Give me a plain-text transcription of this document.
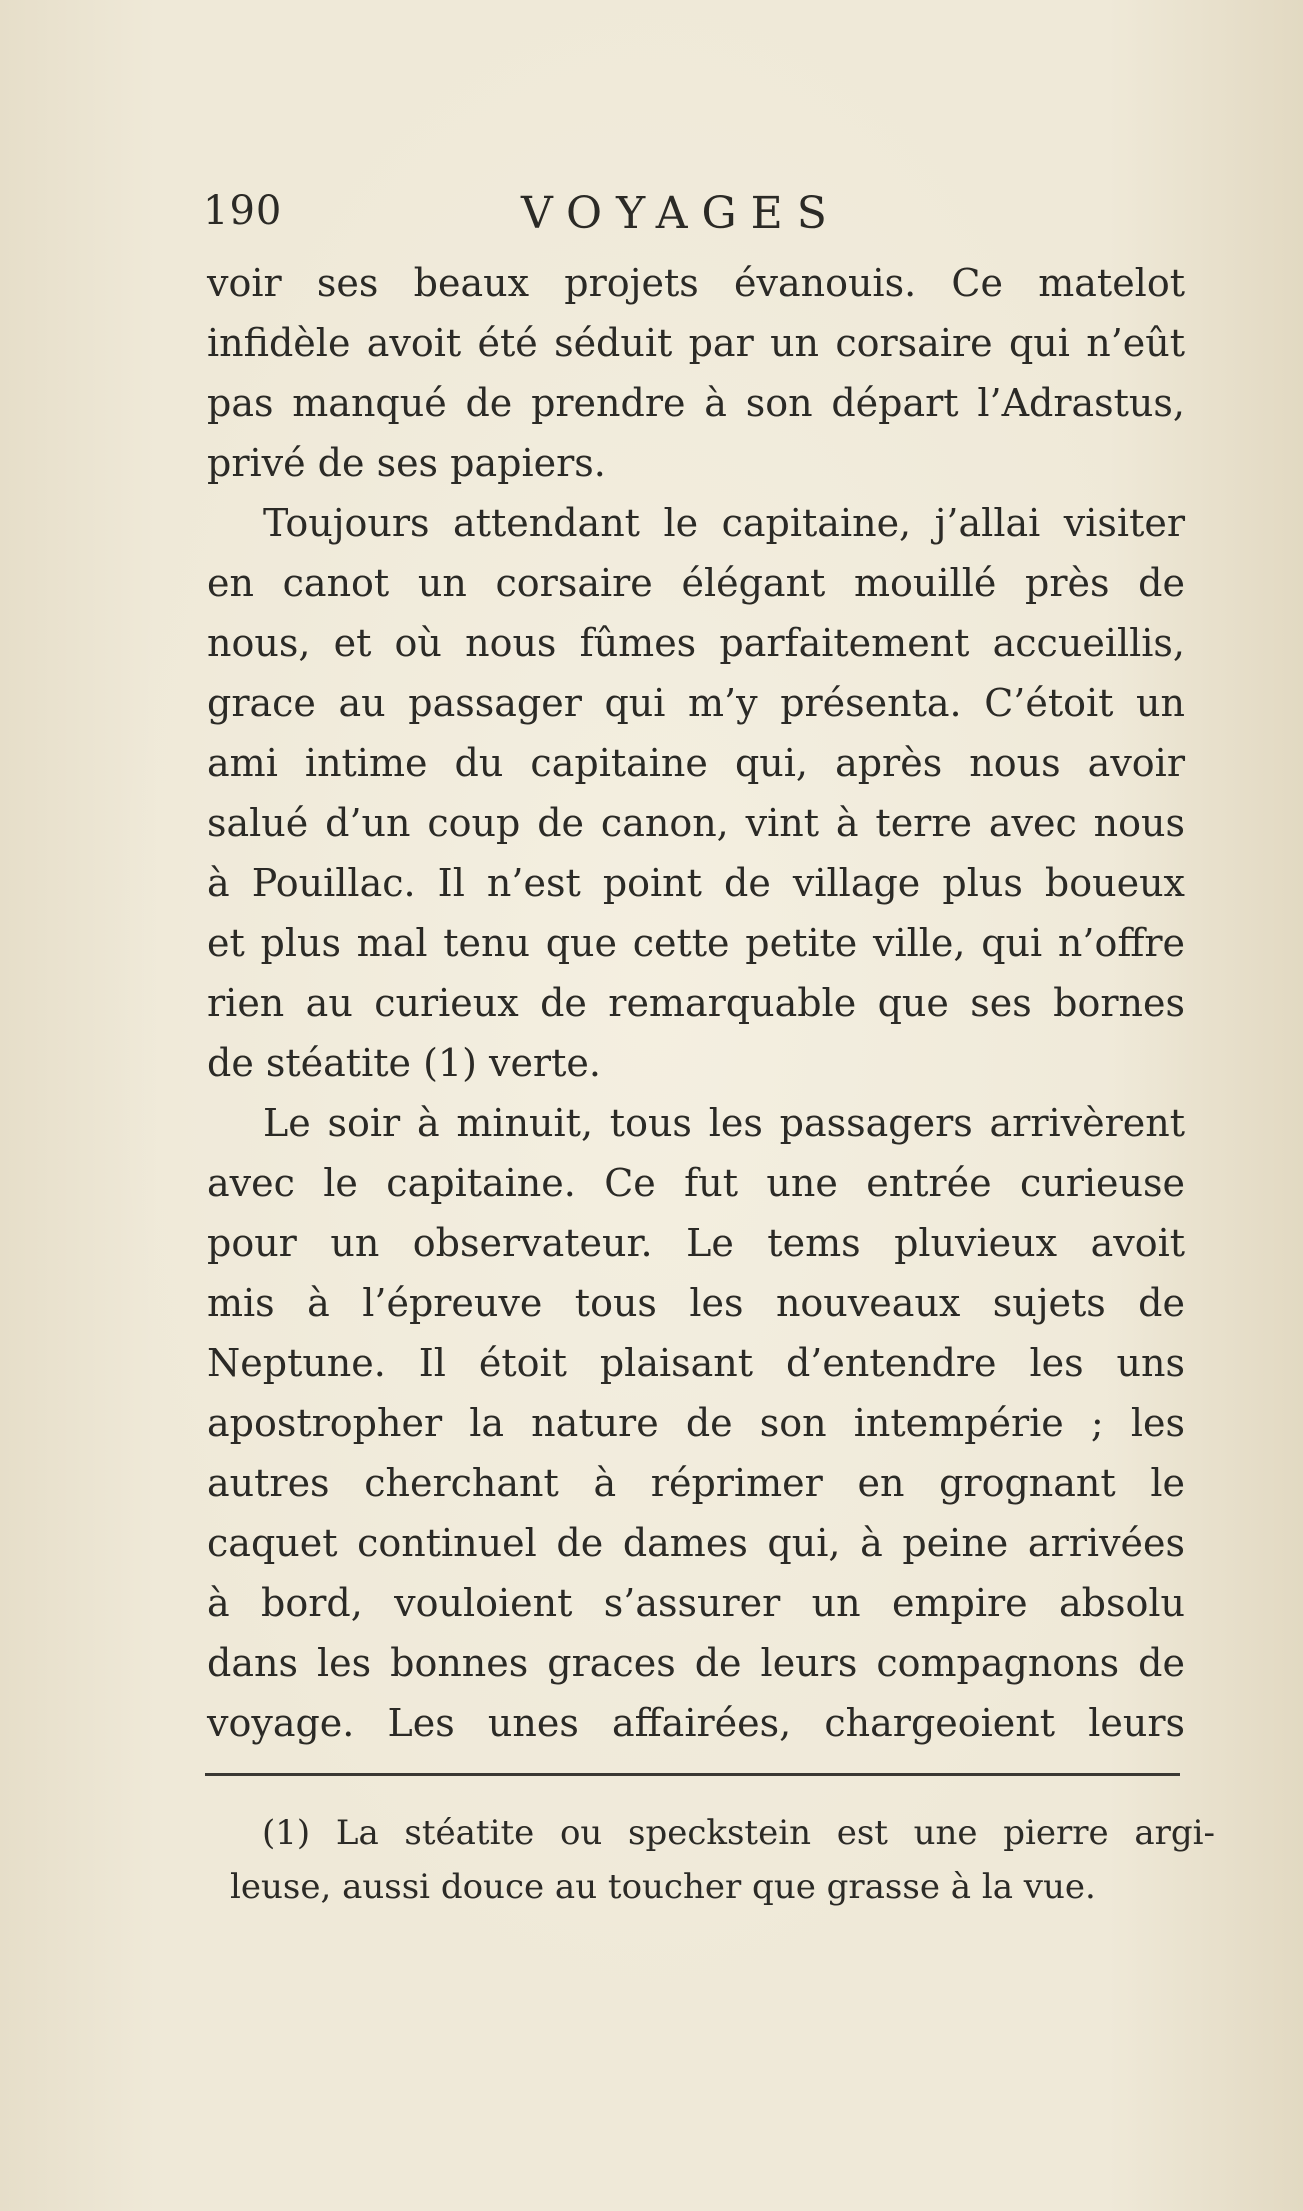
190	VOYAGES
voir ses beaux projets évanouis. Ce matelot
infidèle avoit été séduit par un corsaire qui n’eût
pas manqué de prendre à son départ l’Adrastus,
privé de ses papiers.
Toujours attendant le capitaine, j’allai visiter
en canot un corsaire élégant mouillé près de
nous, et où nous fûmes parfaitement accueillis,
grace au passager qui m’y présenta. C’étoit un
ami intime du capitaine qui, après nous avoir
salué d’un coup de canon, vint à terre avec nous
à Pouillac. Il n’est point de village plus boueux
et plus mal tenu que cette petite ville, qui n’offre
rien au curieux de remarquable que ses bornes
de stéatite (1) verte.
Le soir à minuit, tous les passagers arrivèrent
avec le capitaine. Ce fut une entrée curieuse
pour un observateur. Le tems pluvieux avoit
mis à l’épreuve tous les nouveaux sujets de
Neptune. Il étoit plaisant d’entendre les uns
apostropher la nature de son intempérie ; les
autres cherchant à réprimer en grognant le
caquet continuel de dames qui, à peine arrivées
à bord, vouloient s’assurer un empire absolu
dans les bonnes graces de leurs compagnons de
voyage. Les unes affairées, chargeoient leurs
(1) La stéatite ou speckstein est une pierre argi-
leuse, aussi douce au toucher que grasse à la vue.
